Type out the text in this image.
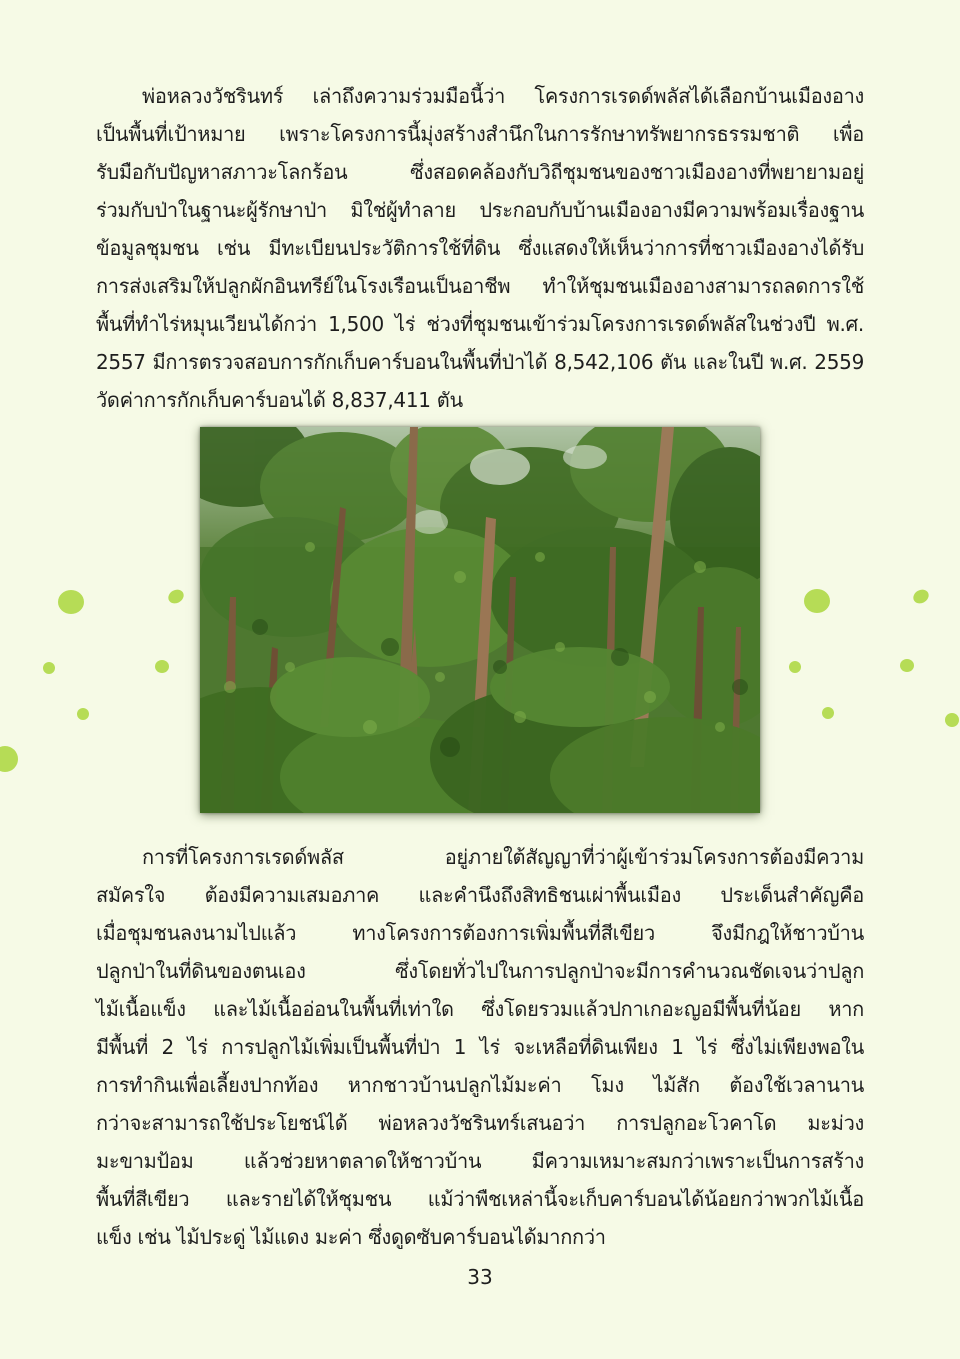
พ่อหลวงวัชรินทร์ เล่าถึงความร่วมมือนี้ว่า โครงการเรดด์พลัสได้เลือกบ้านเมืองอาง
เป็นพื้นที่เป้าหมาย เพราะโครงการนี้มุ่งสร้างสำนึกในการรักษาทรัพยากรธรรมชาติ เพื่อ
รับมือกับปัญหาสภาวะโลกร้อน ซึ่งสอดคล้องกับวิถีชุมชนของชาวเมืองอางที่พยายามอยู่
ร่วมกับป่าในฐานะผู้รักษาป่า มิใช่ผู้ทำลาย ประกอบกับบ้านเมืองอางมีความพร้อมเรื่องฐาน
ข้อมูลชุมชน เช่น มีทะเบียนประวัติการใช้ที่ดิน ซึ่งแสดงให้เห็นว่าการที่ชาวเมืองอางได้รับ
การส่งเสริมให้ปลูกผักอินทรีย์ในโรงเรือนเป็นอาชีพ ทำให้ชุมชนเมืองอางสามารถลดการใช้
พื้นที่ทำไร่หมุนเวียนได้กว่า 1,500 ไร่ ช่วงที่ชุมชนเข้าร่วมโครงการเรดด์พลัสในช่วงปี พ.ศ.
2557 มีการตรวจสอบการกักเก็บคาร์บอนในพื้นที่ป่าได้ 8,542,106 ตัน และในปี พ.ศ. 2559
วัดค่าการกักเก็บคาร์บอนได้ 8,837,411 ตัน
การที่โครงการเรดด์พลัส อยู่ภายใต้สัญญาที่ว่าผู้เข้าร่วมโครงการต้องมีความ
สมัครใจ ต้องมีความเสมอภาค และคำนึงถึงสิทธิชนเผ่าพื้นเมือง ประเด็นสำคัญคือ
เมื่อชุมชนลงนามไปแล้ว ทางโครงการต้องการเพิ่มพื้นที่สีเขียว จึงมีกฎให้ชาวบ้าน
ปลูกป่าในที่ดินของตนเอง ซึ่งโดยทั่วไปในการปลูกป่าจะมีการคำนวณชัดเจนว่าปลูก
ไม้เนื้อแข็ง และไม้เนื้ออ่อนในพื้นที่เท่าใด ซึ่งโดยรวมแล้วปกาเกอะญอมีพื้นที่น้อย หาก
มีพื้นที่ 2 ไร่ การปลูกไม้เพิ่มเป็นพื้นที่ป่า 1 ไร่ จะเหลือที่ดินเพียง 1 ไร่ ซึ่งไม่เพียงพอใน
การทำกินเพื่อเลี้ยงปากท้อง หากชาวบ้านปลูกไม้มะค่า โมง ไม้สัก ต้องใช้เวลานาน
กว่าจะสามารถใช้ประโยชน์ได้ พ่อหลวงวัชรินทร์เสนอว่า การปลูกอะโวคาโด มะม่วง
มะขามป้อม แล้วช่วยหาตลาดให้ชาวบ้าน มีความเหมาะสมกว่าเพราะเป็นการสร้าง
พื้นที่สีเขียว และรายได้ให้ชุมชน แม้ว่าพืชเหล่านี้จะเก็บคาร์บอนได้น้อยกว่าพวกไม้เนื้อ
แข็ง เช่น ไม้ประดู่ ไม้แดง มะค่า ซึ่งดูดซับคาร์บอนได้มากกว่า
33
